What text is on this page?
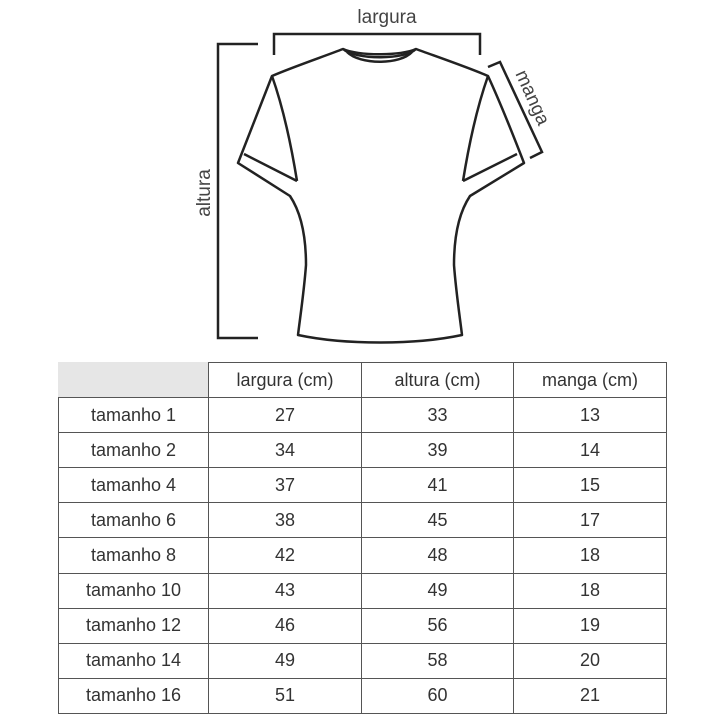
largura
altura
manga
	largura (cm)	altura (cm)	manga (cm)
tamanho 1	27	33	13
tamanho 2	34	39	14
tamanho 4	37	41	15
tamanho 6	38	45	17
tamanho 8	42	48	18
tamanho 10	43	49	18
tamanho 12	46	56	19
tamanho 14	49	58	20
tamanho 16	51	60	21
